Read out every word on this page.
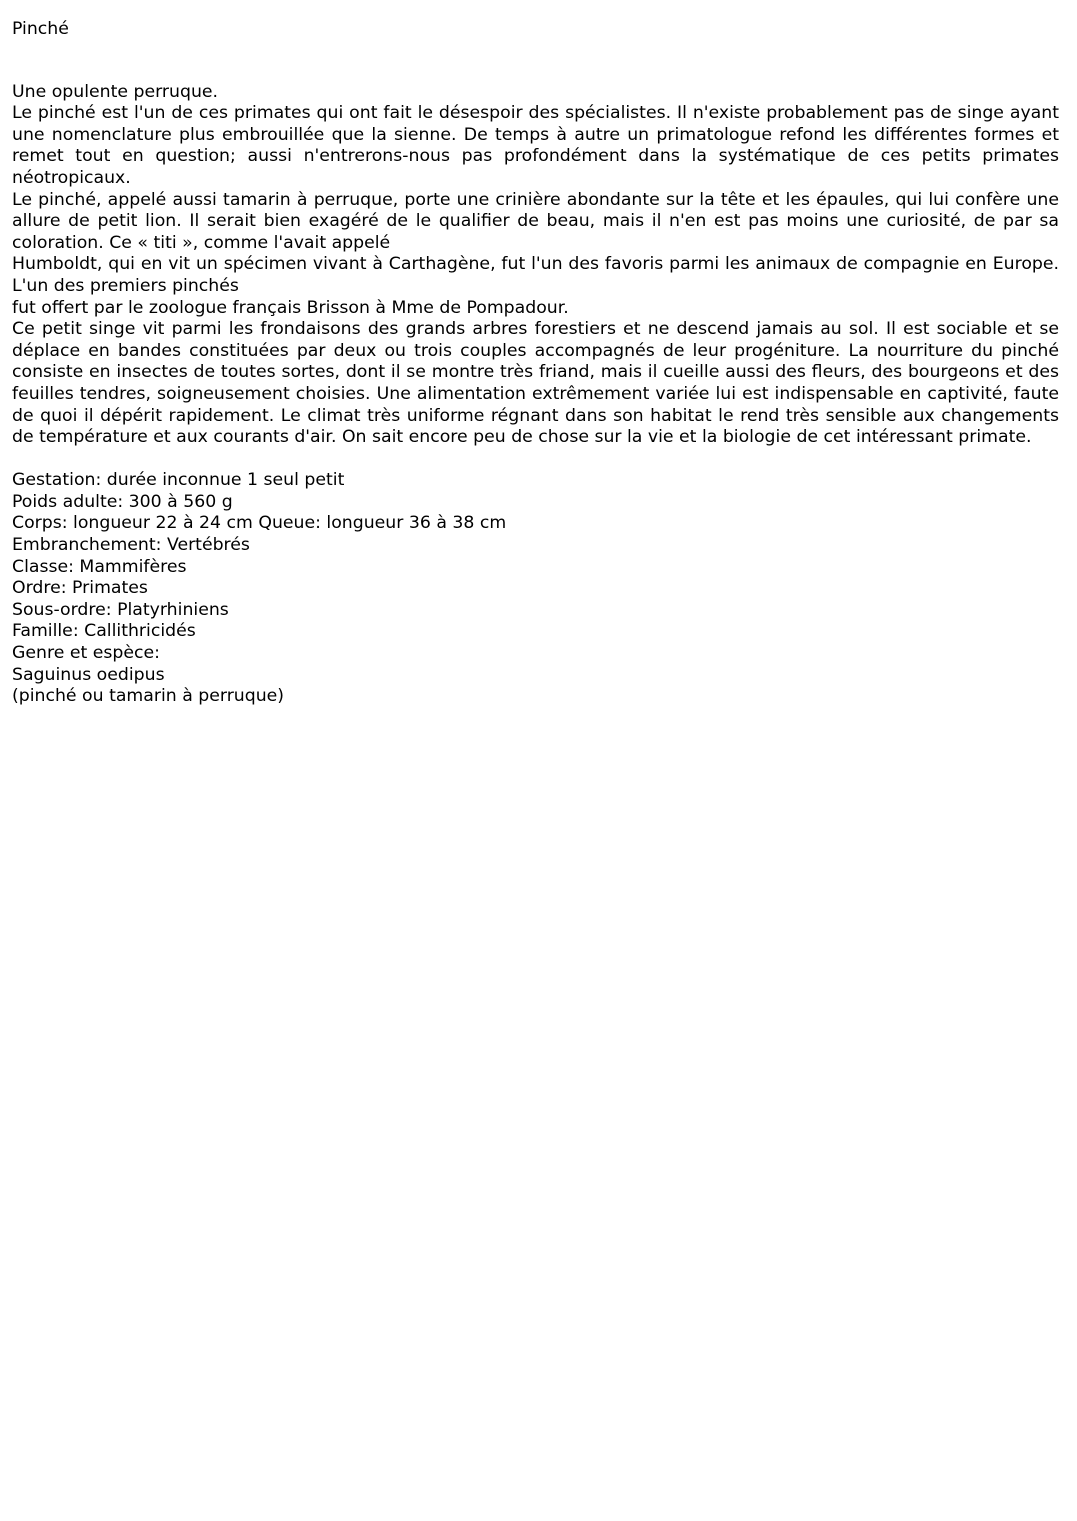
Pinché

Une opulente perruque.

Le pinché est l'un de ces primates qui ont fait le désespoir des spécialistes. Il n'existe probablement pas de singe ayant une nomenclature plus embrouillée que la sienne. De temps à autre un primatologue refond les différentes formes et remet tout en question; aussi n'entrerons-nous pas profondément dans la systématique de ces petits primates néotropicaux.

Le pinché, appelé aussi tamarin à perruque, porte une crinière abondante sur la tête et les épaules, qui lui confère une allure de petit lion. Il serait bien exagéré de le qualifier de beau, mais il n'en est pas moins une curiosité, de par sa coloration. Ce « titi », comme l'avait appelé

Humboldt, qui en vit un spécimen vivant à Carthagène, fut l'un des favoris parmi les animaux de compagnie en Europe. L'un des premiers pinchés

fut offert par le zoologue français Brisson à Mme de Pompadour.

Ce petit singe vit parmi les frondaisons des grands arbres forestiers et ne descend jamais au sol. Il est sociable et se déplace en bandes constituées par deux ou trois couples accompagnés de leur progéniture. La nourriture du pinché consiste en insectes de toutes sortes, dont il se montre très friand, mais il cueille aussi des fleurs, des bourgeons et des feuilles tendres, soigneusement choisies. Une alimentation extrêmement variée lui est indispensable en captivité, faute de quoi il dépérit rapidement. Le climat très uniforme régnant dans son habitat le rend très sensible aux changements de température et aux courants d'air. On sait encore peu de chose sur la vie et la biologie de cet intéressant primate.

Gestation: durée inconnue 1 seul petit
Poids adulte: 300 à 560 g
Corps: longueur 22 à 24 cm Queue: longueur 36 à 38 cm
Embranchement: Vertébrés
Classe: Mammifères
Ordre: Primates
Sous-ordre: Platyrhiniens
Famille: Callithricidés
Genre et espèce:
Saguinus oedipus
(pinché ou tamarin à perruque)
